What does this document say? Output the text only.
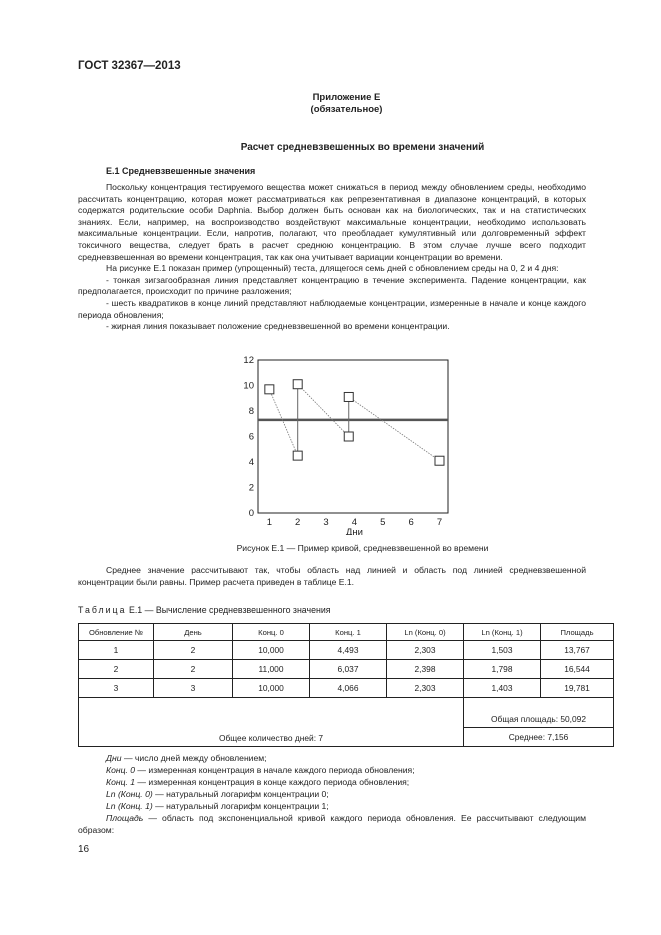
ГОСТ 32367—2013
Приложение Е
(обязательное)
Расчет средневзвешенных во времени значений
Е.1 Средневзвешенные значения

Поскольку концентрация тестируемого вещества может снижаться в период между обновлением среды, необходимо рассчитать концентрацию, которая может рассматриваться как репрезентативная в диапазоне концентраций, в которых содержатся родительские особи Daphnia. Выбор должен быть основан как на биологических, так и на статистических знаниях. Если, например, на воспроизводство воздействуют максимальные концентрации, необходимо использовать максимальные концентрации. Если, напротив, полагают, что преобладает кумулятивный или долговременный эффект токсичного вещества, следует брать в расчет среднюю концентрацию. В этом случае лучше всего подходит средневзвешенная во времени концентрация, так как она учитывает вариации концентрации во времени.

На рисунке Е.1 показан пример (упрощенный) теста, длящегося семь дней с обновлением среды на 0, 2 и 4 дня:

- тонкая зигзагообразная линия представляет концентрацию в течение эксперимента. Падение концентрации, как предполагается, происходит по причине разложения;

- шесть квадратиков в конце линий представляют наблюдаемые концентрации, измеренные в начале и конце каждого периода обновления;

- жирная линия показывает положение средневзвешенной во времени концентрации.

0
2
4
6
8
10
12
1 2 3 4 5 6 7
Дни
Рисунок Е.1 — Пример кривой, средневзвешенной во времени

Среднее значение рассчитывают так, чтобы область над линией и область под линией средневзвешенной концентрации были равны. Пример расчета приведен в таблице Е.1.

Таблица Е.1 — Вычисление средневзвешенного значения
Обновление №	День	Конц. 0	Конц. 1	Ln (Конц. 0)	Ln (Конц. 1)	Площадь
1	2	10,000	4,493	2,303	1,503	13,767
2	2	11,000	6,037	2,398	1,798	16,544
3	3	10,000	4,066	2,303	1,403	19,781
Общее количество дней: 7					Общая площадь: 50,092	
					Среднее: 7,156	
Дни — число дней между обновлением;
Конц. 0 — измеренная концентрация в начале каждого периода обновления;
Конц. 1 — измеренная концентрация в конце каждого периода обновления;
Ln (Конц. 0) — натуральный логарифм концентрации 0;
Ln (Конц. 1) — натуральный логарифм концентрации 1;
Площадь — область под экспоненциальной кривой каждого периода обновления. Ее рассчитывают следующим образом:
16
